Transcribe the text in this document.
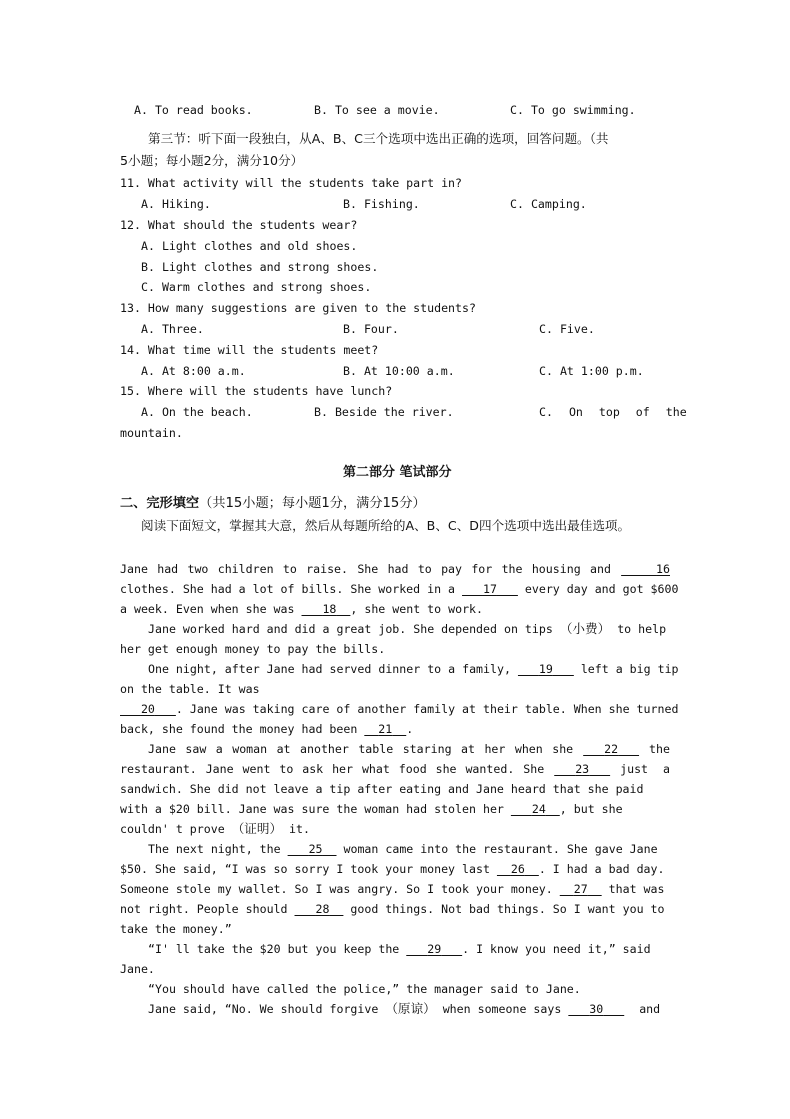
A. To read books.	B. To see a movie.	C. To go swimming.
第三节：听下面一段独白，从A、B、C三个选项中选出正确的选项，回答问题。（共
5小题；每小题2分，满分10分）
11. What activity will the students take part in?
A. Hiking.	B. Fishing.	C. Camping.
12. What should the students wear?
A. Light clothes and old shoes.
B. Light clothes and strong shoes.
C. Warm clothes and strong shoes.
13. How many suggestions are given to the students?
A. Three.	B. Four.	C. Five.
14. What time will the students meet?
A. At 8:00 a.m.	B. At 10:00 a.m.	C. At 1:00 p.m.
15. Where will the students have lunch?
A. On the beach.	B. Beside the river.	C. On top of the
mountain.
第二部分 笔试部分
二、完形填空（共15小题；每小题1分，满分15分）
阅读下面短文，掌握其大意，然后从每题所给的A、B、C、D四个选项中选出最佳选项。
Jane had two children to raise. She had to pay for the housing and	16
clothes. She had a lot of bills. She worked in a 17 every day and got $600
a week. Even when she was 18 , she went to work.
Jane worked hard and did a great job. She depended on tips （小费） to help
her get enough money to pay the bills.
One night, after Jane had served dinner to a family, 19 left a big tip
on the table. It was
20 . Jane was taking care of another family at their table. When she turned
back, she found the money had been 21 .
Jane saw a woman at another table staring at her when she	22	the
restaurant. Jane went to ask her what food she wanted. She	23	just a
sandwich. She did not leave a tip after eating and Jane heard that she paid
with a $20 bill. Jane was sure the woman had stolen her 24 , but she
couldn' t prove （证明） it.
The next night, the 25 woman came into the restaurant. She gave Jane
$50. She said, “I was so sorry I took your money last 26 . I had a bad day.
Someone stole my wallet. So I was angry. So I took your money. 27 that was
not right. People should 28 good things. Not bad things. So I want you to
take the money.”
“I' ll take the $20 but you keep the 29 . I know you need it,” said
Jane.
“You should have called the police,” the manager said to Jane.
Jane said, “No. We should forgive （原谅） when someone says 30	and
